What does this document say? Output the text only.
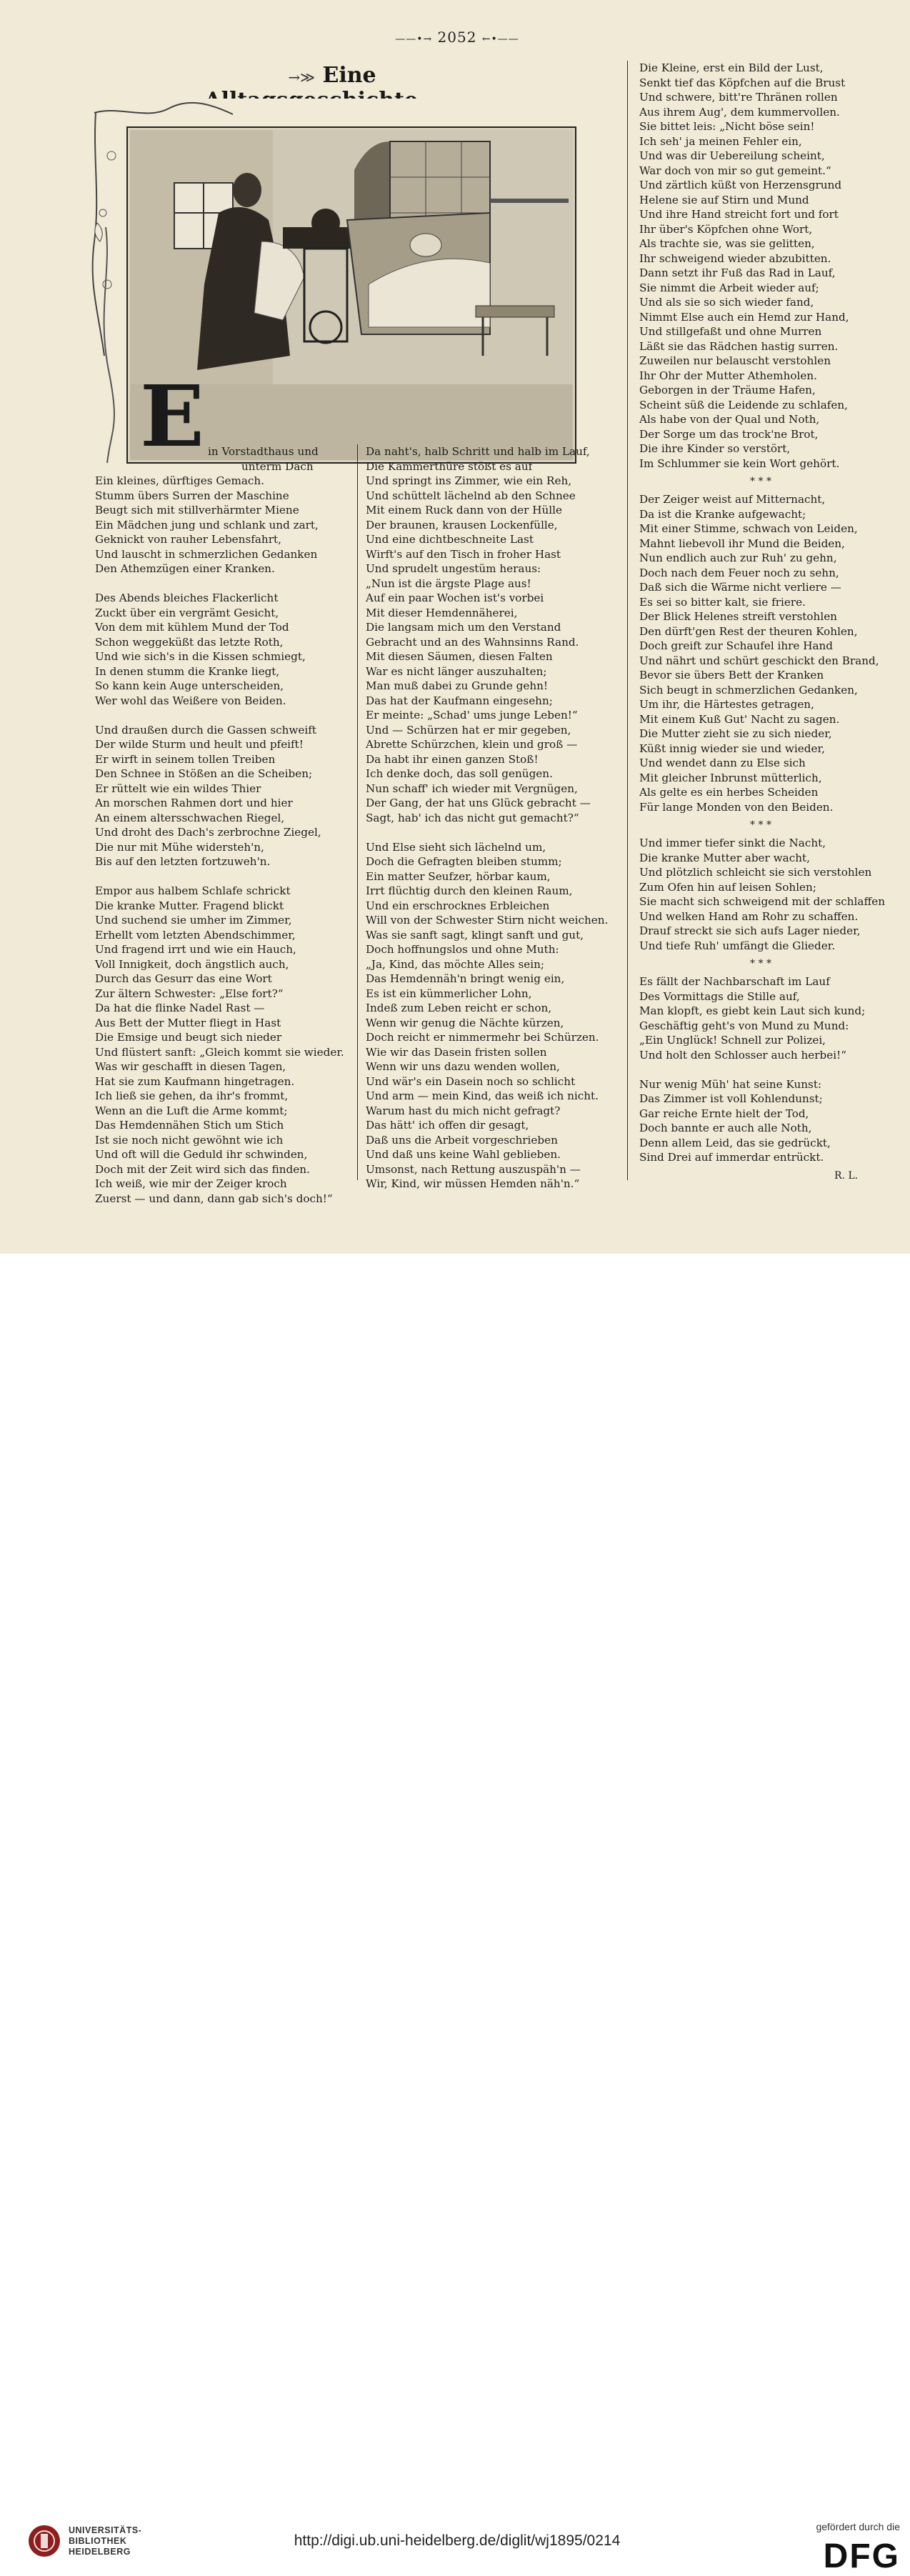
——•→ 2052 ←•——
→≫ Eine
E in Vorstadthaus und
unterm Dach
Ein kleines, dürftiges Gemach.
Stumm übers Surren der Maschine
Beugt sich mit stillverhärmter Miene
Ein Mädchen jung und schlank und zart,
Geknickt von rauher Lebensfahrt,
Und lauscht in schmerzlichen Gedanken
Den Athemzügen einer Kranken.
Des Abends bleiches Flackerlicht
Zuckt über ein vergrämt Gesicht,
Von dem mit kühlem Mund der Tod
Schon weggeküßt das letzte Roth,
Und wie sich's in die Kissen schmiegt,
In denen stumm die Kranke liegt,
So kann kein Auge unterscheiden,
Wer wohl das Weißere von Beiden.
Und draußen durch die Gassen schweift
Der wilde Sturm und heult und pfeift!
Er wirft in seinem tollen Treiben
Den Schnee in Stößen an die Scheiben;
Er rüttelt wie ein wildes Thier
An morschen Rahmen dort und hier
An einem altersschwachen Riegel,
Und droht des Dach's zerbrochne Ziegel,
Die nur mit Mühe widersteh'n,
Bis auf den letzten fortzuweh'n.
Empor aus halbem Schlafe schrickt
Die kranke Mutter. Fragend blickt
Und suchend sie umher im Zimmer,
Erhellt vom letzten Abendschimmer,
Und fragend irrt und wie ein Hauch,
Voll Innigkeit, doch ängstlich auch,
Durch das Gesurr das eine Wort
Zur ältern Schwester: „Else fort?“
Da hat die flinke Nadel Rast —
Aus Bett der Mutter fliegt in Hast
Die Emsige und beugt sich nieder
Und flüstert sanft: „Gleich kommt sie wieder.
Was wir geschafft in diesen Tagen,
Hat sie zum Kaufmann hingetragen.
Ich ließ sie gehen, da ihr's frommt,
Wenn an die Luft die Arme kommt;
Das Hemdennähen Stich um Stich
Ist sie noch nicht gewöhnt wie ich
Und oft will die Geduld ihr schwinden,
Doch mit der Zeit wird sich das finden.
Ich weiß, wie mir der Zeiger kroch
Zuerst — und dann, dann gab sich's doch!“
Da naht's, halb Schritt und halb im Lauf,
Die Kammerthüre stößt es auf
Und springt ins Zimmer, wie ein Reh,
Und schüttelt lächelnd ab den Schnee
Mit einem Ruck dann von der Hülle
Der braunen, krausen Lockenfülle,
Und eine dichtbeschneite Last
Wirft's auf den Tisch in froher Hast
Und sprudelt ungestüm heraus:
„Nun ist die ärgste Plage aus!
Auf ein paar Wochen ist's vorbei
Mit dieser Hemdennäherei,
Die langsam mich um den Verstand
Gebracht und an des Wahnsinns Rand.
Mit diesen Säumen, diesen Falten
War es nicht länger auszuhalten;
Man muß dabei zu Grunde gehn!
Das hat der Kaufmann eingesehn;
Er meinte: „Schad' ums junge Leben!“
Und — Schürzen hat er mir gegeben,
Abrette Schürzchen, klein und groß —
Da habt ihr einen ganzen Stoß!
Ich denke doch, das soll genügen.
Nun schaff' ich wieder mit Vergnügen,
Der Gang, der hat uns Glück gebracht —
Sagt, hab' ich das nicht gut gemacht?“
Und Else sieht sich lächelnd um,
Doch die Gefragten bleiben stumm;
Ein matter Seufzer, hörbar kaum,
Irrt flüchtig durch den kleinen Raum,
Und ein erschrocknes Erbleichen
Will von der Schwester Stirn nicht weichen.
Was sie sanft sagt, klingt sanft und gut,
Doch hoffnungslos und ohne Muth:
„Ja, Kind, das möchte Alles sein;
Das Hemdennäh'n bringt wenig ein,
Es ist ein kümmerlicher Lohn,
Indeß zum Leben reicht er schon,
Wenn wir genug die Nächte kürzen,
Doch reicht er nimmermehr bei Schürzen.
Wie wir das Dasein fristen sollen
Wenn wir uns dazu wenden wollen,
Und wär's ein Dasein noch so schlicht
Und arm — mein Kind, das weiß ich nicht.
Warum hast du mich nicht gefragt?
Das hätt' ich offen dir gesagt,
Daß uns die Arbeit vorgeschrieben
Und daß uns keine Wahl geblieben.
Umsonst, nach Rettung auszuspäh'n —
Wir, Kind, wir müssen Hemden näh'n.“
Die Kleine, erst ein Bild der Lust,
Senkt tief das Köpfchen auf die Brust
Und schwere, bitt're Thränen rollen
Aus ihrem Aug', dem kummervollen.
Sie bittet leis: „Nicht böse sein!
Ich seh' ja meinen Fehler ein,
Und was dir Uebereilung scheint,
War doch von mir so gut gemeint.“
Und zärtlich küßt von Herzensgrund
Helene sie auf Stirn und Mund
Und ihre Hand streicht fort und fort
Ihr über's Köpfchen ohne Wort,
Als trachte sie, was sie gelitten,
Ihr schweigend wieder abzubitten.
Dann setzt ihr Fuß das Rad in Lauf,
Sie nimmt die Arbeit wieder auf;
Und als sie so sich wieder fand,
Nimmt Else auch ein Hemd zur Hand,
Und stillgefaßt und ohne Murren
Läßt sie das Rädchen hastig surren.
Zuweilen nur belauscht verstohlen
Ihr Ohr der Mutter Athemholen.
Geborgen in der Träume Hafen,
Scheint süß die Leidende zu schlafen,
Als habe von der Qual und Noth,
Der Sorge um das trock'ne Brot,
Die ihre Kinder so verstört,
Im Schlummer sie kein Wort gehört.
* * *
Der Zeiger weist auf Mitternacht,
Da ist die Kranke aufgewacht;
Mit einer Stimme, schwach von Leiden,
Mahnt liebevoll ihr Mund die Beiden,
Nun endlich auch zur Ruh' zu gehn,
Doch nach dem Feuer noch zu sehn,
Daß sich die Wärme nicht verliere —
Es sei so bitter kalt, sie friere.
Der Blick Helenes streift verstohlen
Den dürft'gen Rest der theuren Kohlen,
Doch greift zur Schaufel ihre Hand
Und nährt und schürt geschickt den Brand,
Bevor sie übers Bett der Kranken
Sich beugt in schmerzlichen Gedanken,
Um ihr, die Härtestes getragen,
Mit einem Kuß Gut' Nacht zu sagen.
Die Mutter zieht sie zu sich nieder,
Küßt innig wieder sie und wieder,
Und wendet dann zu Else sich
Mit gleicher Inbrunst mütterlich,
Als gelte es ein herbes Scheiden
Für lange Monden von den Beiden.
* * *
Und immer tiefer sinkt die Nacht,
Die kranke Mutter aber wacht,
Und plötzlich schleicht sie sich verstohlen
Zum Ofen hin auf leisen Sohlen;
Sie macht sich schweigend mit der schlaffen
Und welken Hand am Rohr zu schaffen.
Drauf streckt sie sich aufs Lager nieder,
Und tiefe Ruh' umfängt die Glieder.
* * *
Es fällt der Nachbarschaft im Lauf
Des Vormittags die Stille auf,
Man klopft, es giebt kein Laut sich kund;
Geschäftig geht's von Mund zu Mund:
„Ein Unglück! Schnell zur Polizei,
Und holt den Schlosser auch herbei!“
Nur wenig Müh' hat seine Kunst:
Das Zimmer ist voll Kohlendunst;
Gar reiche Ernte hielt der Tod,
Doch bannte er auch alle Noth,
Denn allem Leid, das sie gedrückt,
Sind Drei auf immerdar entrückt.
R. L.
UNIVERSITÄTS-
BIBLIOTHEK
HEIDELBERG
http://digi.ub.uni-heidelberg.de/diglit/wj1895/0214
gefördert durch die
DFG
